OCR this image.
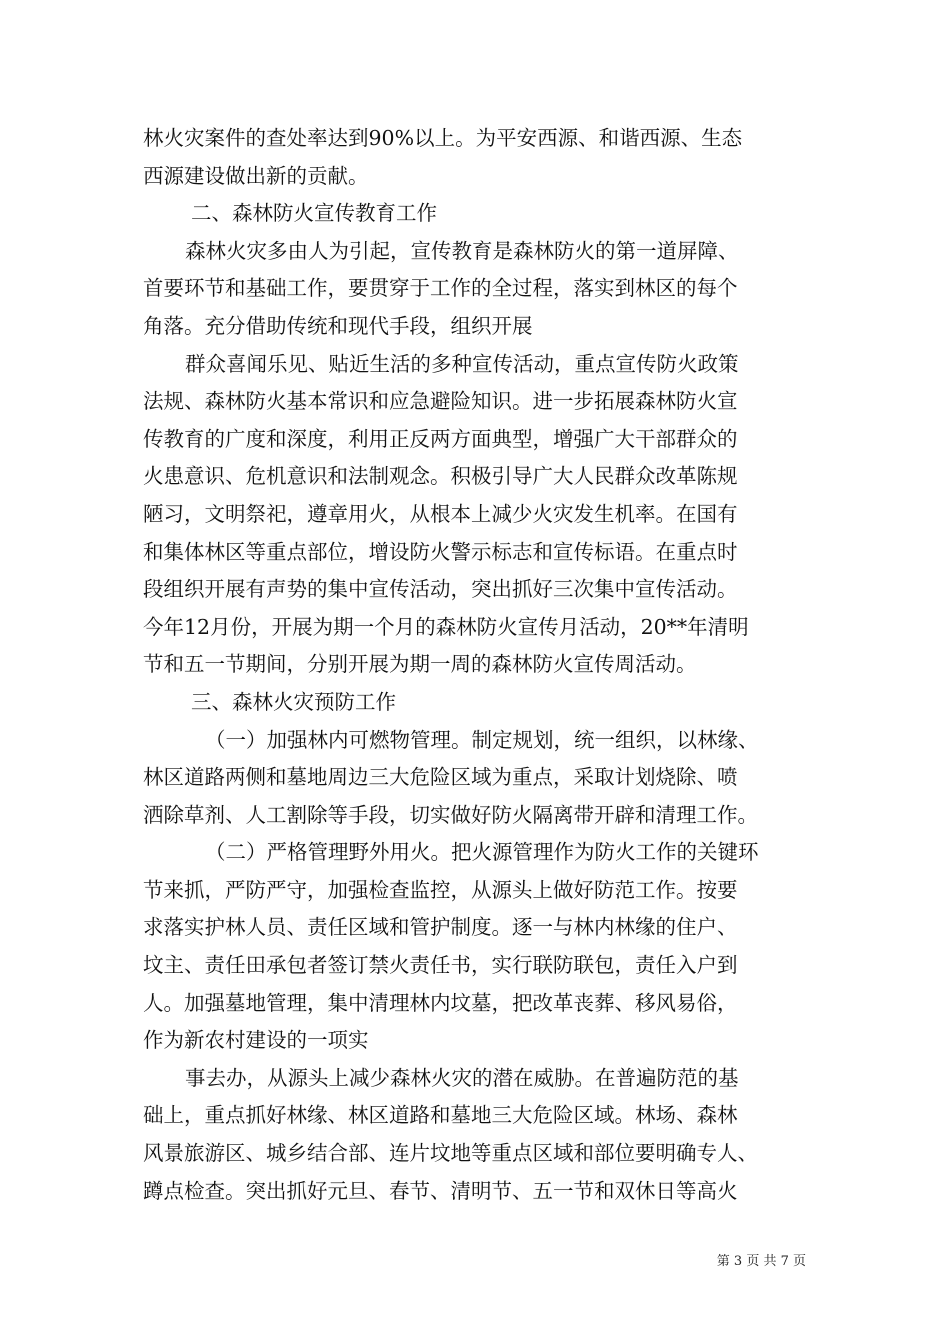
林火灾案件的查处率达到90%以上。为平安西源、和谐西源、生态
西源建设做出新的贡献。
二、森林防火宣传教育工作
森林火灾多由人为引起，宣传教育是森林防火的第一道屏障、
首要环节和基础工作，要贯穿于工作的全过程，落实到林区的每个
角落。充分借助传统和现代手段，组织开展
群众喜闻乐见、贴近生活的多种宣传活动，重点宣传防火政策
法规、森林防火基本常识和应急避险知识。进一步拓展森林防火宣
传教育的广度和深度，利用正反两方面典型，增强广大干部群众的
火患意识、危机意识和法制观念。积极引导广大人民群众改革陈规
陋习，文明祭祀，遵章用火，从根本上减少火灾发生机率。在国有
和集体林区等重点部位，增设防火警示标志和宣传标语。在重点时
段组织开展有声势的集中宣传活动，突出抓好三次集中宣传活动。
今年12月份，开展为期一个月的森林防火宣传月活动，20**年清明
节和五一节期间，分别开展为期一周的森林防火宣传周活动。
三、森林火灾预防工作
（一）加强林内可燃物管理。制定规划，统一组织，以林缘、
林区道路两侧和墓地周边三大危险区域为重点，采取计划烧除、喷
洒除草剂、人工割除等手段，切实做好防火隔离带开辟和清理工作。
（二）严格管理野外用火。把火源管理作为防火工作的关键环
节来抓，严防严守，加强检查监控，从源头上做好防范工作。按要
求落实护林人员、责任区域和管护制度。逐一与林内林缘的住户、
坟主、责任田承包者签订禁火责任书，实行联防联包，责任入户到
人。加强墓地管理，集中清理林内坟墓，把改革丧葬、移风易俗，
作为新农村建设的一项实
事去办，从源头上减少森林火灾的潜在威胁。在普遍防范的基
础上，重点抓好林缘、林区道路和墓地三大危险区域。林场、森林
风景旅游区、城乡结合部、连片坟地等重点区域和部位要明确专人、
蹲点检查。突出抓好元旦、春节、清明节、五一节和双休日等高火
第 3 页 共 7 页
